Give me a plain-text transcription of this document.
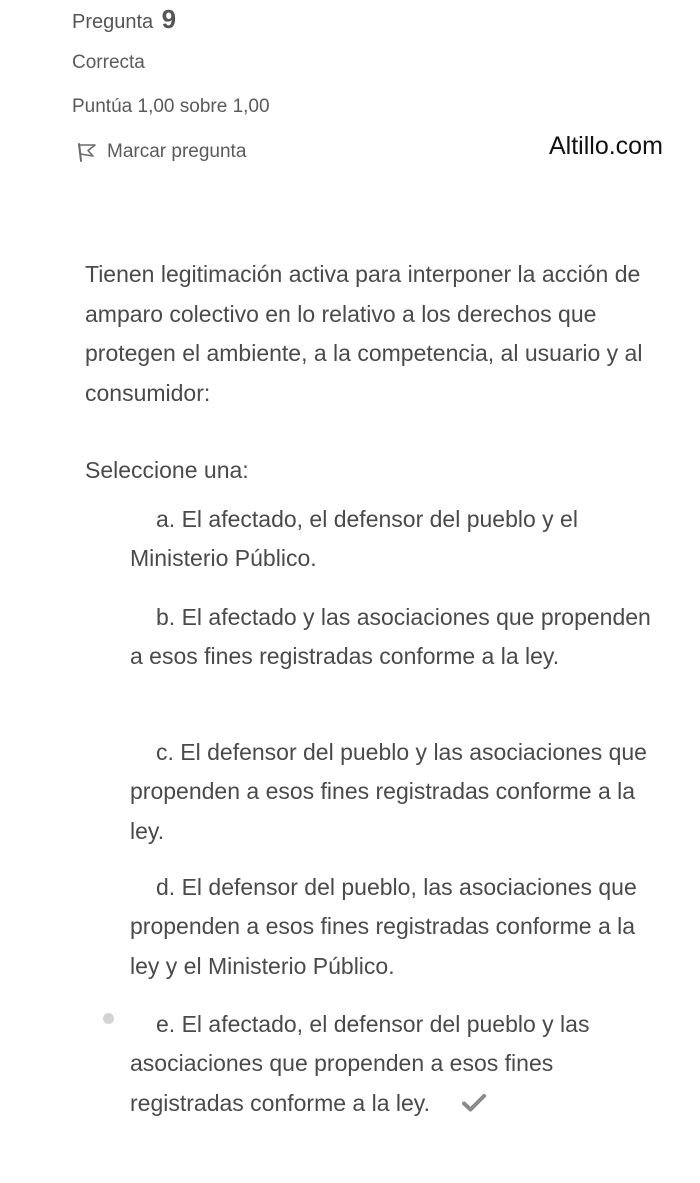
Pregunta 9
Correcta
Puntúa 1,00 sobre 1,00
Marcar pregunta	Altillo.com
Tienen legitimación activa para interponer la acción de amparo colectivo en lo relativo a los derechos que protegen el ambiente, a la competencia, al usuario y al consumidor:
Seleccione una:
a. El afectado, el defensor del pueblo y el Ministerio Público.
b. El afectado y las asociaciones que propenden a esos fines registradas conforme a la ley.
c. El defensor del pueblo y las asociaciones que propenden a esos fines registradas conforme a la ley.
d. El defensor del pueblo, las asociaciones que propenden a esos fines registradas conforme a la ley y el Ministerio Público.
e. El afectado, el defensor del pueblo y las asociaciones que propenden a esos fines registradas conforme a la ley.
